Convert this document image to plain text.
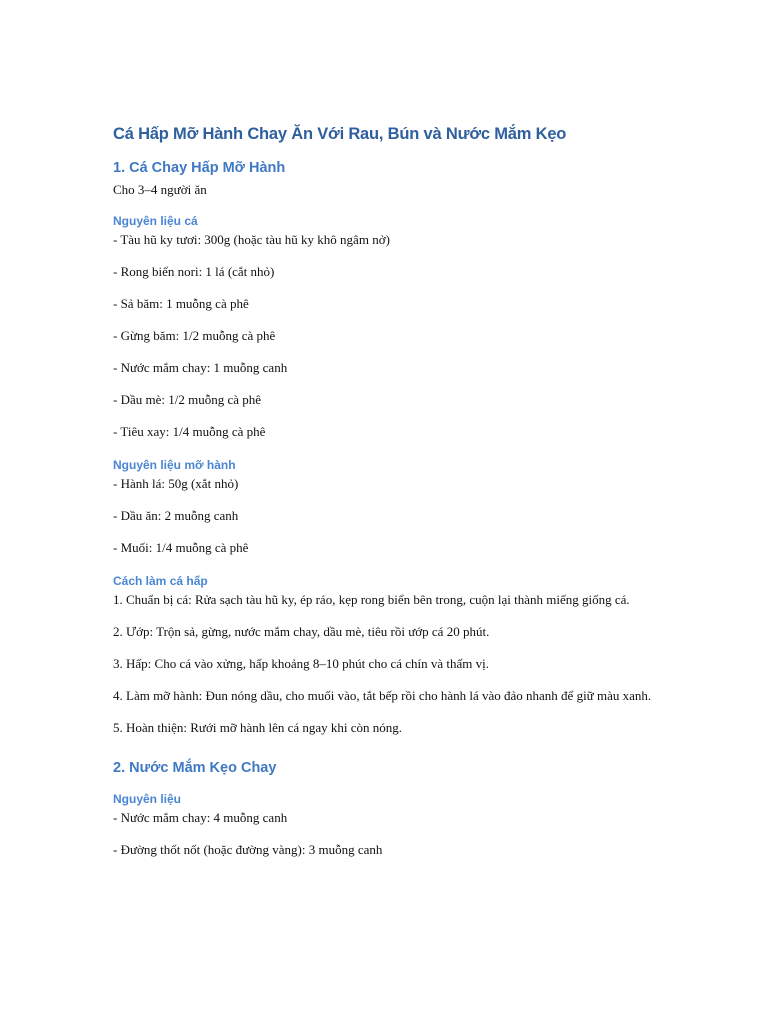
Cá Hấp Mỡ Hành Chay Ăn Với Rau, Bún và Nước Mắm Kẹo
1. Cá Chay Hấp Mỡ Hành

Cho 3–4 người ăn

Nguyên liệu cá

- Tàu hũ ky tươi: 300g (hoặc tàu hũ ky khô ngâm nở)

- Rong biển nori: 1 lá (cắt nhỏ)

- Sả băm: 1 muỗng cà phê

- Gừng băm: 1/2 muỗng cà phê

- Nước mắm chay: 1 muỗng canh

- Dầu mè: 1/2 muỗng cà phê

- Tiêu xay: 1/4 muỗng cà phê

Nguyên liệu mỡ hành

- Hành lá: 50g (xắt nhỏ)

- Dầu ăn: 2 muỗng canh

- Muối: 1/4 muỗng cà phê

Cách làm cá hấp

1. Chuẩn bị cá: Rửa sạch tàu hũ ky, ép ráo, kẹp rong biển bên trong, cuộn lại thành miếng giống cá.

2. Ướp: Trộn sả, gừng, nước mắm chay, dầu mè, tiêu rồi ướp cá 20 phút.

3. Hấp: Cho cá vào xửng, hấp khoảng 8–10 phút cho cá chín và thấm vị.

4. Làm mỡ hành: Đun nóng dầu, cho muối vào, tắt bếp rồi cho hành lá vào đảo nhanh để giữ màu xanh.

5. Hoàn thiện: Rưới mỡ hành lên cá ngay khi còn nóng.

2. Nước Mắm Kẹo Chay
Nguyên liệu

- Nước mắm chay: 4 muỗng canh

- Đường thốt nốt (hoặc đường vàng): 3 muỗng canh
